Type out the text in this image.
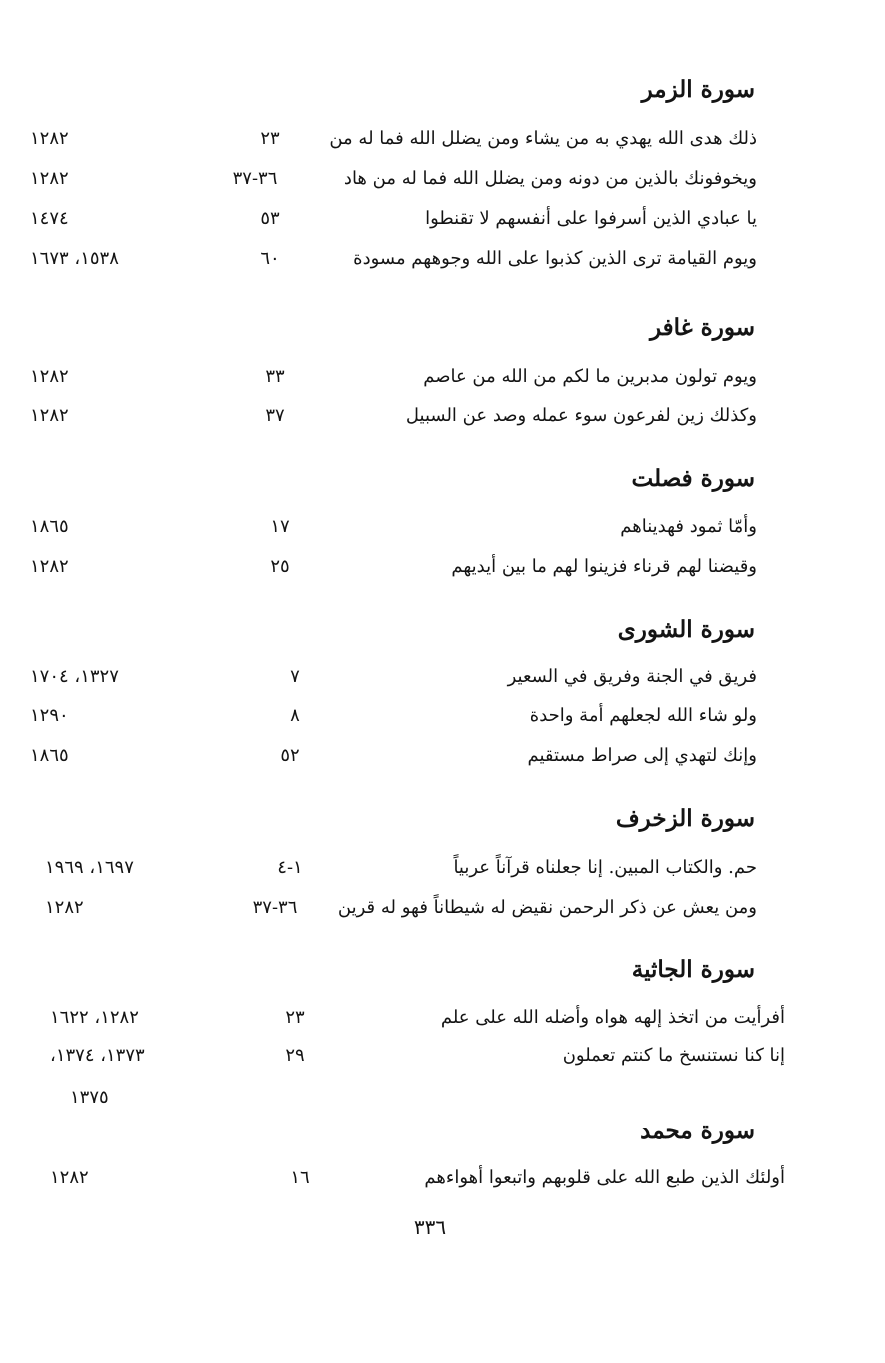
سورة الزمر
ذلك هدى الله يهدي به من يشاء ومن يضلل الله فما له من
٢٣
١٢٨٢
ويخوفونك بالذين من دونه ومن يضلل الله فما له من هاد
٣٦-٣٧
١٢٨٢
يا عبادي الذين أسرفوا على أنفسهم لا تقنطوا
٥٣
١٤٧٤
ويوم القيامة ترى الذين كذبوا على الله وجوههم مسودة
٦٠
١٥٣٨، ١٦٧٣
سورة غافر
ويوم تولون مدبرين ما لكم من الله من عاصم
٣٣
١٢٨٢
وكذلك زين لفرعون سوء عمله وصد عن السبيل
٣٧
١٢٨٢
سورة فصلت
وأمّا ثمود فهديناهم
١٧
١٨٦٥
وقيضنا لهم قرناء فزينوا لهم ما بين أيديهم
٢٥
١٢٨٢
سورة الشورى
فريق في الجنة وفريق في السعير
٧
١٣٢٧، ١٧٠٤
ولو شاء الله لجعلهم أمة واحدة
٨
١٢٩٠
وإنك لتهدي إلى صراط مستقيم
٥٢
١٨٦٥
سورة الزخرف
حم. والكتاب المبين. إنا جعلناه قرآناً عربياً
١-٤
١٦٩٧، ١٩٦٩
ومن يعش عن ذكر الرحمن نقيض له شيطاناً فهو له قرين
٣٦-٣٧
١٢٨٢
سورة الجاثية
أفرأيت من اتخذ إلهه هواه وأضله الله على علم
٢٣
١٢٨٢، ١٦٢٢
إنا كنا نستنسخ ما كنتم تعملون
٢٩
١٣٧٣، ١٣٧٤،
١٣٧٥
سورة محمد
أولئك الذين طبع الله على قلوبهم واتبعوا أهواءهم
١٦
١٢٨٢
٣٣٦
